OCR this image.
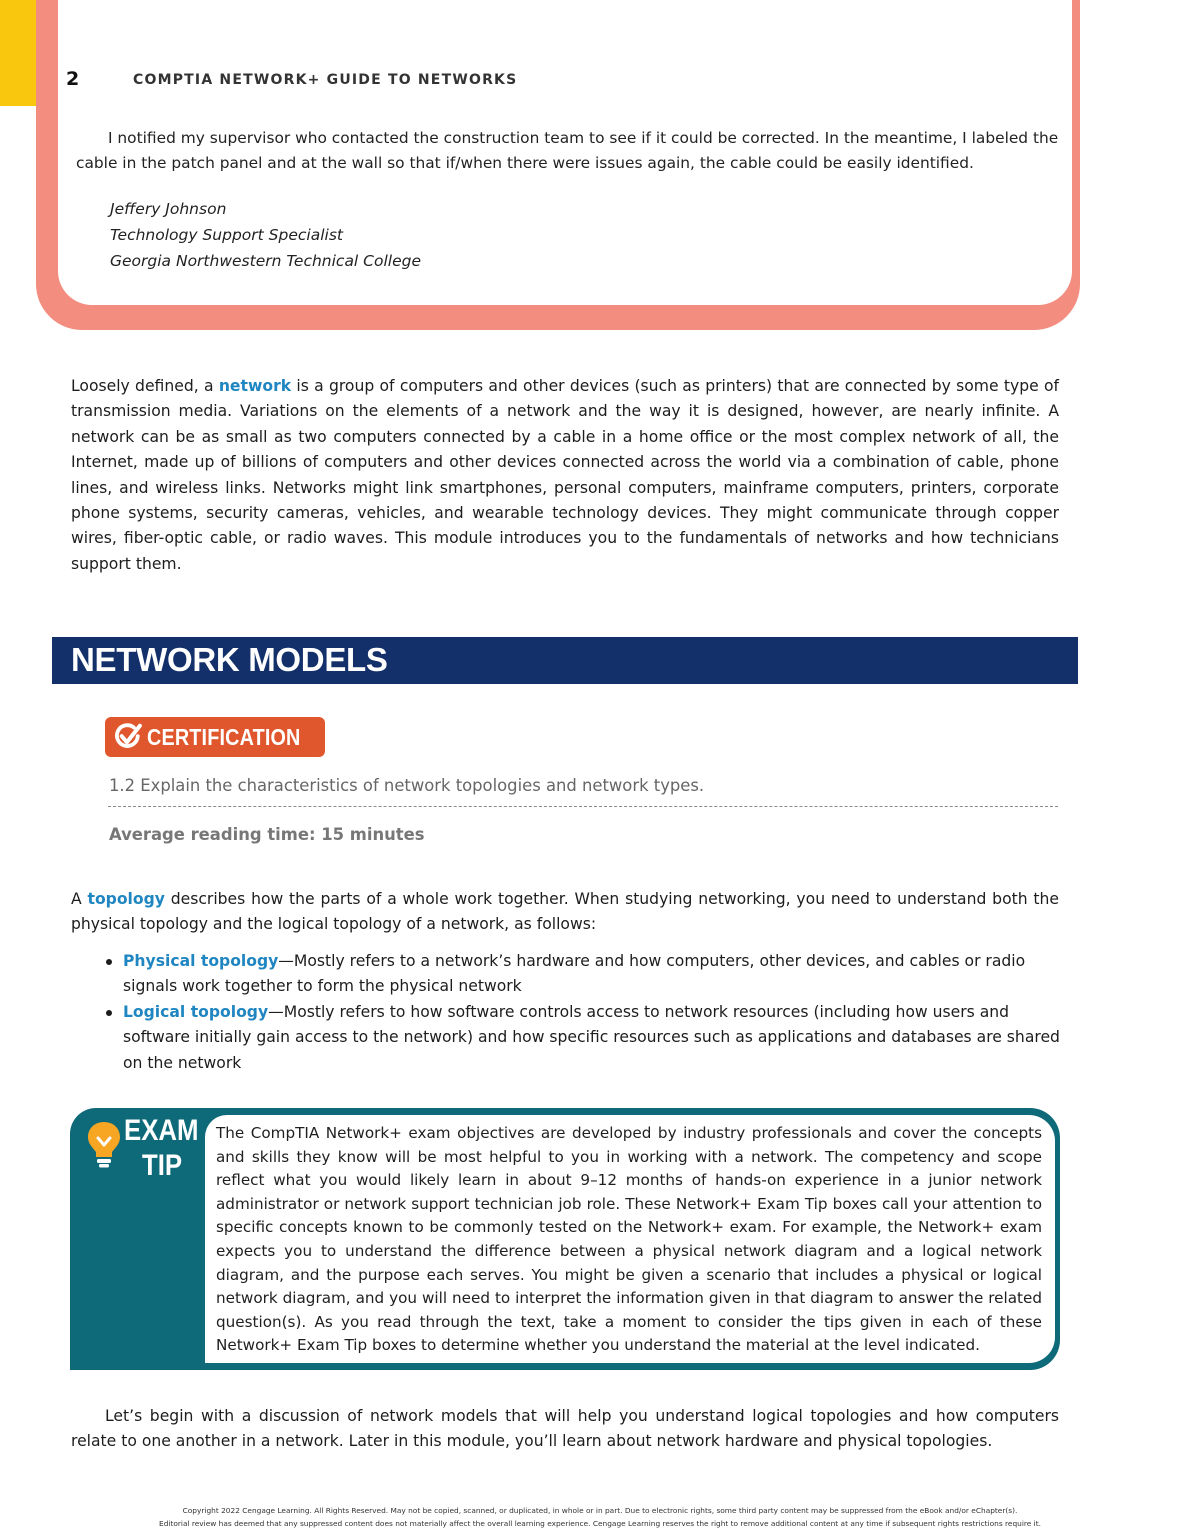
2	COMPTIA NETWORK+ GUIDE TO NETWORKS

I notified my supervisor who contacted the construction team to see if it could be corrected. In the meantime, I labeled the cable in the patch panel and at the wall so that if/when there were issues again, the cable could be easily identified.

Jeffery Johnson
Technology Support Specialist
Georgia Northwestern Technical College

Loosely defined, a network is a group of computers and other devices (such as printers) that are connected by some type of transmission media. Variations on the elements of a network and the way it is designed, however, are nearly infinite. A network can be as small as two computers connected by a cable in a home office or the most complex network of all, the Internet, made up of billions of computers and other devices connected across the world via a combination of cable, phone lines, and wireless links. Networks might link smartphones, personal computers, mainframe computers, printers, corporate phone systems, security cameras, vehicles, and wearable technology devices. They might communicate through copper wires, fiber-optic cable, or radio waves. This module introduces you to the fundamentals of networks and how technicians support them.

NETWORK MODELS
CERTIFICATION
1.2 Explain the characteristics of network topologies and network types.
Average reading time: 15 minutes

A topology describes how the parts of a whole work together. When studying networking, you need to understand both the physical topology and the logical topology of a network, as follows:

Physical topology—Mostly refers to a network’s hardware and how computers, other devices, and cables or radio signals work together to form the physical network
Logical topology—Mostly refers to how software controls access to network resources (including how users and software initially gain access to the network) and how specific resources such as applications and databases are shared on the network
EXAM
TIP

The CompTIA Network+ exam objectives are developed by industry professionals and cover the concepts and skills they know will be most helpful to you in working with a network. The competency and scope reflect what you would likely learn in about 9–12 months of hands-on experience in a junior network administrator or network support technician job role. These Network+ Exam Tip boxes call your attention to specific concepts known to be commonly tested on the Network+ exam. For example, the Network+ exam expects you to understand the difference between a physical network diagram and a logical network diagram, and the purpose each serves. You might be given a scenario that includes a physical or logical network diagram, and you will need to interpret the information given in that diagram to answer the related question(s). As you read through the text, take a moment to consider the tips given in each of these Network+ Exam Tip boxes to determine whether you understand the material at the level indicated.

Let’s begin with a discussion of network models that will help you understand logical topologies and how computers relate to one another in a network. Later in this module, you’ll learn about network hardware and physical topologies.

Copyright 2022 Cengage Learning. All Rights Reserved. May not be copied, scanned, or duplicated, in whole or in part. Due to electronic rights, some third party content may be suppressed from the eBook and/or eChapter(s).
Editorial review has deemed that any suppressed content does not materially affect the overall learning experience. Cengage Learning reserves the right to remove additional content at any time if subsequent rights restrictions require it.
